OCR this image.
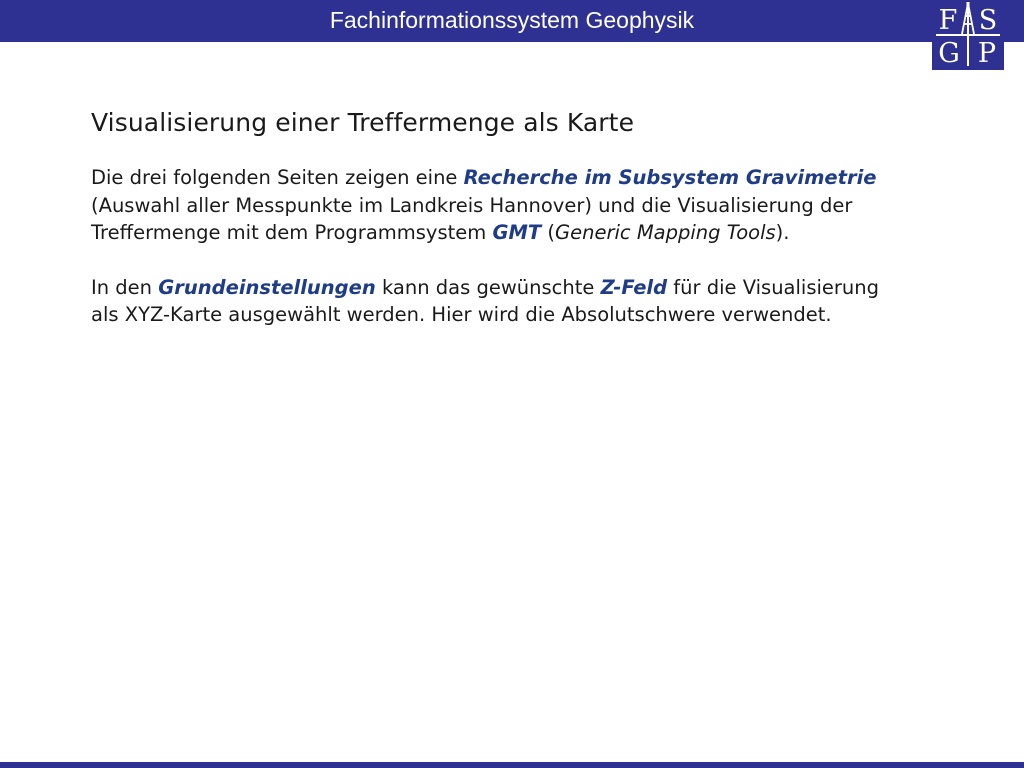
Fachinformationssystem Geophysik	F S
G P
Visualisierung einer Treffermenge als Karte

Die drei folgenden Seiten zeigen eine Recherche im Subsystem Gravimetrie (Auswahl aller Messpunkte im Landkreis Hannover) und die Visualisierung der Treffermenge mit dem Programmsystem GMT (Generic Mapping Tools).

In den Grundeinstellungen kann das gewünschte Z-Feld für die Visualisierung als XYZ-Karte ausgewählt werden. Hier wird die Absolutschwere verwendet.
